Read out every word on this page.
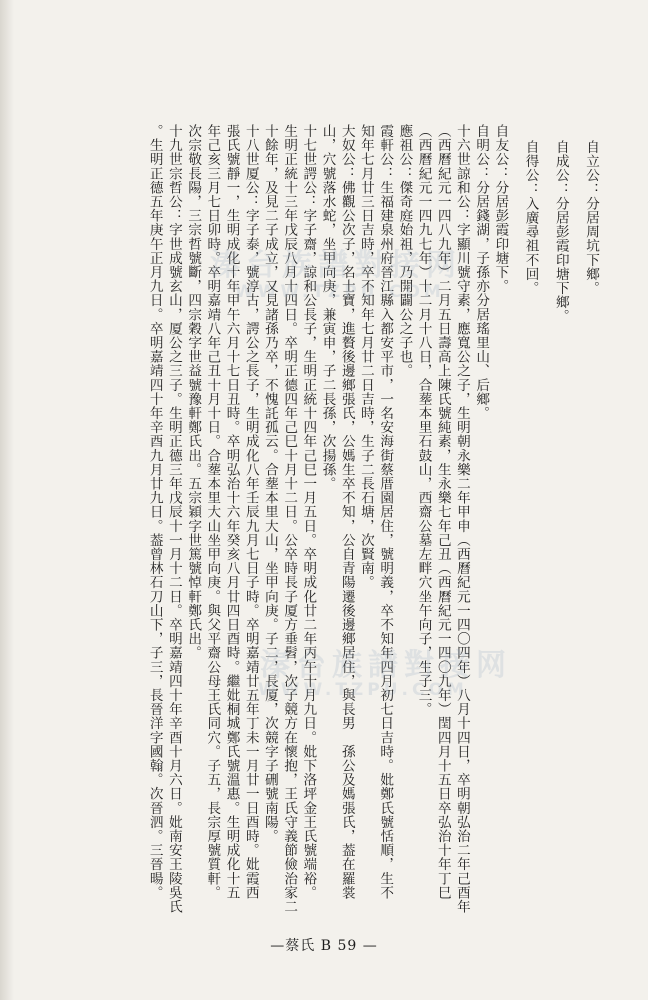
自立公：分居周坑下鄉。
自成公：分居彭霞印塘下鄉。
自得公：入廣尋祖不回。
自友公：分居彭霞印塘下。
自明公：分居錢湖，子孫亦分居瑤里山、后鄉。
十六世諒和公：字顯川號守素，應寬公之子，生明朝永樂二年甲申（西曆紀元一四〇四年）八月十四日，卒明朝弘治二年己酉年
（西曆紀元一四八九年）二月五日壽高上陳氏號純素，生永樂七年己丑（西曆紀元一四〇九年）閏四月十五日卒弘治十年丁巳
（西曆紀元一四九七年）十二月十八日，合塟本里石鼓山，西齋公墓左畔穴坐午向子，生子三。
應祖公：傑奇庭始祖，乃開闢公之子也。
霞軒公：生福建泉州府晉江縣入都安平市，一名安海街蔡厝園居住，號明義，卒不知年四月初七日吉時。妣鄭氏號恬順，生不
知年七月廿三日吉時，卒不知年七月廿二日吉時，生子二長石塘，次賢南。
大奴公：佛觀公次子，名士寶，進贅後邊鄉張氏，公媽生卒不知，公自青陽遷後邊鄉居住，與長男　孫公及媽張氏，葢在羅裳
山，穴號落水蛇，坐甲向庚，兼寅申，子二長孫，次揚孫。
十七世諤公：字子齋，諒和公長子，生明正統十四年己巳一月五日。卒明成化廿二年丙午十月九日。妣下洛坪金王氏號端裕。
生明正統十三年戊辰八月十四日。卒明正德四年己巳十月十二日。公卒時長子厦方垂髫，次子競方在懷抱，王氏守義節儉治家二
十餘年，及見二子成立，又見諸孫乃卒，不愧託孤云。合塟本里大山，坐甲向庚。子二，長厦，次競字子硎號南陽。
十八世厦公：字子泰，號淳古，諤公之長子，生明成化八年壬辰九月七日子時。卒明嘉靖廿五年丁未一月廿一日酉時。妣霞西
張氏號靜一，生明成化十年甲午六月十七日丑時。卒明弘治十六年癸亥八月廿四日酉時。繼妣桐城鄭氏號溫惠。生明成化十五
年己亥三月七日卯時。卒明嘉靖八年己丑十月十日。合塟本里大山坐甲向庚。與父平齋公母王氏同穴。子五，長宗厚號質軒。
次宗敬長陽，三宗哲號斷，四宗穀字世益號豫軒鄭氏出。五宗穎字世篤號悼軒鄭氏出。
十九世宗哲公：字世成號玄山，厦公之三子。生明正德三年戊辰十一月十二日。卒明嘉靖四十年辛酉十月六日。妣南安王陵吳氏
。生明正德五年庚午正月九日。卒明嘉靖四十年辛酉九月廿九日。葢曾林石刀山下，子三，長晉洋字國翰。次晉泗。三晉暘。 溱台族譜對接网
WWW.TZPU.COM
溱台族譜對接网
WWW.TZPU.COM
—蔡氏 B 59 —
